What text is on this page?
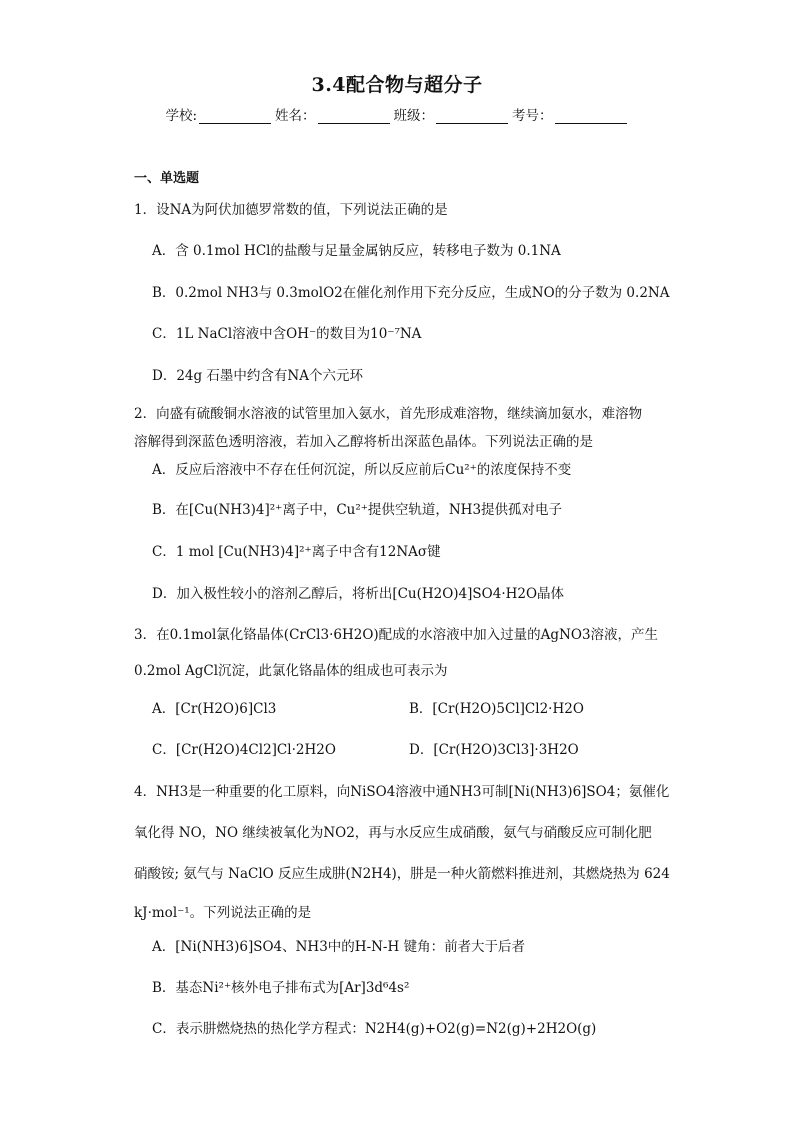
3.4配合物与超分子
学校:	姓名：	班级：	考号：
一、单选题
1．设NA为阿伏加德罗常数的值，下列说法正确的是
A．含 0.1mol HCl的盐酸与足量金属钠反应，转移电子数为 0.1NA
B．0.2mol NH3与 0.3molO2在催化剂作用下充分反应，生成NO的分子数为 0.2NA
C．1L NaCl溶液中含OH⁻的数目为10⁻⁷NA
D．24g 石墨中约含有NA个六元环
2．向盛有硫酸铜水溶液的试管里加入氨水，首先形成难溶物，继续滴加氨水，难溶物
溶解得到深蓝色透明溶液，若加入乙醇将析出深蓝色晶体。下列说法正确的是
A．反应后溶液中不存在任何沉淀，所以反应前后Cu²⁺的浓度保持不变
B．在[Cu(NH3)4]²⁺离子中，Cu²⁺提供空轨道，NH3提供孤对电子
C．1 mol [Cu(NH3)4]²⁺离子中含有12NAσ键
D．加入极性较小的溶剂乙醇后，将析出[Cu(H2O)4]SO4·H2O晶体
3．在0.1mol氯化铬晶体(CrCl3·6H2O)配成的水溶液中加入过量的AgNO3溶液，产生
0.2mol AgCl沉淀，此氯化铬晶体的组成也可表示为
A．[Cr(H2O)6]Cl3	B．[Cr(H2O)5Cl]Cl2·H2O
C．[Cr(H2O)4Cl2]Cl·2H2O	D．[Cr(H2O)3Cl3]·3H2O
4．NH3是一种重要的化工原料，向NiSO4溶液中通NH3可制[Ni(NH3)6]SO4；氨催化
氧化得 NO，NO 继续被氧化为NO2，再与水反应生成硝酸，氨气与硝酸反应可制化肥
硝酸铵; 氨气与 NaClO 反应生成肼(N2H4)，肼是一种火箭燃料推进剂，其燃烧热为 624
kJ·mol⁻¹。下列说法正确的是
A．[Ni(NH3)6]SO4、NH3中的H-N-H 键角：前者大于后者
B．基态Ni²⁺核外电子排布式为[Ar]3d⁶4s²
C．表示肼燃烧热的热化学方程式：N2H4(g)+O2(g)=N2(g)+2H2O(g)
